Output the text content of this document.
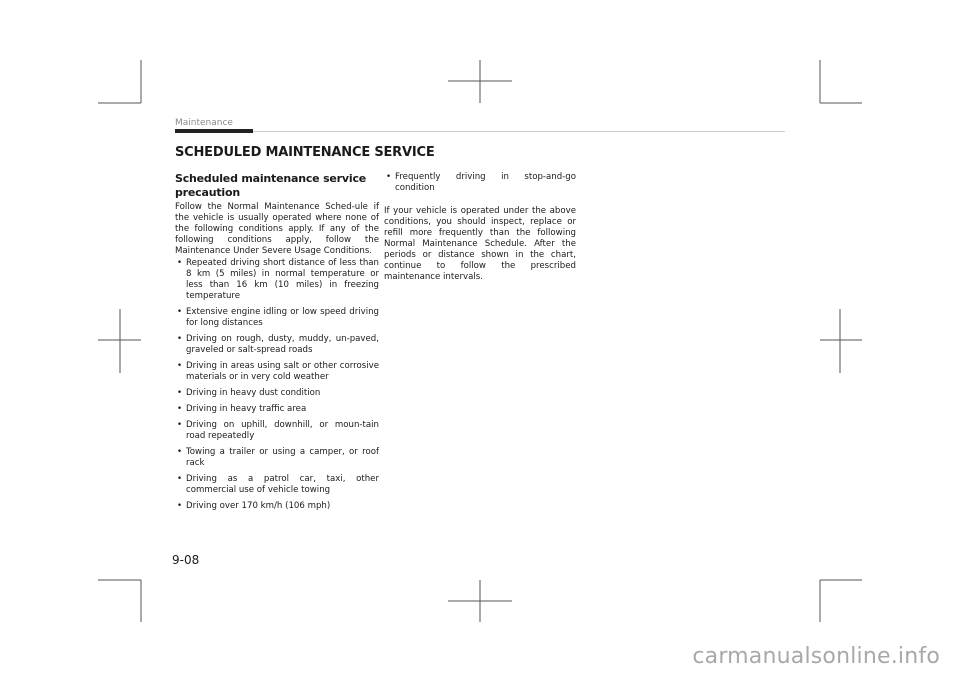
Maintenance
SCHEDULED MAINTENANCE SERVICE
Scheduled maintenance service precaution

Follow the Normal Maintenance Sched-ule if the vehicle is usually operated where none of the following conditions apply. If any of the following conditions apply, follow the Maintenance Under Severe Usage Conditions.

• Repeated driving short distance of less than 8 km (5 miles) in normal temperature or less than 16 km (10 miles) in freezing temperature
• Extensive engine idling or low speed driving for long distances
• Driving on rough, dusty, muddy, un-paved, graveled or salt-spread roads
• Driving in areas using salt or other corrosive materials or in very cold weather
• Driving in heavy dust condition
• Driving in heavy traffic area
• Driving on uphill, downhill, or moun-tain road repeatedly
• Towing a trailer or using a camper, or roof rack
• Driving as a patrol car, taxi, other commercial use of vehicle towing
• Driving over 170 km/h (106 mph)
• Frequently driving in stop-and-go condition

If your vehicle is operated under the above conditions, you should inspect, replace or refill more frequently than the following Normal Maintenance Schedule. After the periods or distance shown in the chart, continue to follow the prescribed maintenance intervals.

9-08
carmanualsonline.info
